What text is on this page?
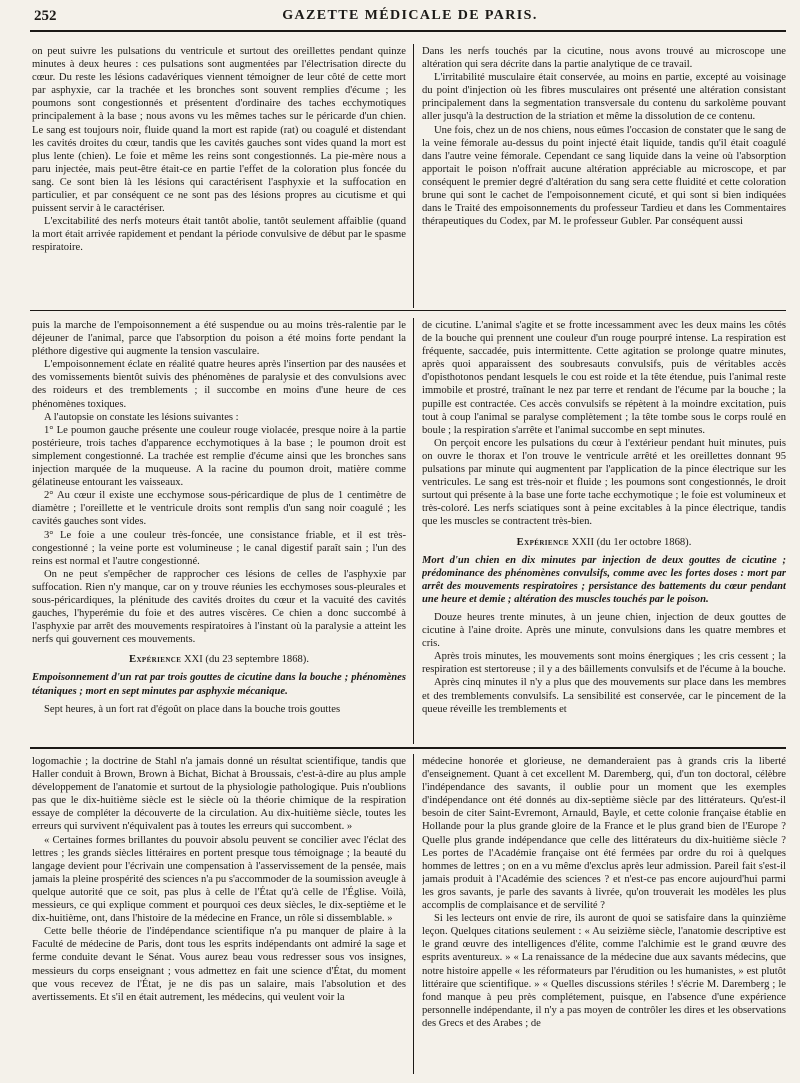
252	GAZETTE MÉDICALE DE PARIS.

on peut suivre les pulsations du ventricule et surtout des oreillettes pendant quinze minutes à deux heures : ces pulsations sont augmentées par l'électrisation directe du cœur. Du reste les lésions cadavériques viennent témoigner de leur côté de cette mort par asphyxie, car la trachée et les bronches sont souvent remplies d'écume ; les poumons sont congestionnés et présentent d'ordinaire des taches ecchymotiques principalement à la base ; nous avons vu les mêmes taches sur le péricarde d'un chien. Le sang est toujours noir, fluide quand la mort est rapide (rat) ou coagulé et distendant les cavités droites du cœur, tandis que les cavités gauches sont vides quand la mort est plus lente (chien). Le foie et même les reins sont congestionnés. La pie-mère nous a paru injectée, mais peut-être était-ce en partie l'effet de la coloration plus foncée du sang. Ce sont bien là les lésions qui caractérisent l'asphyxie et la suffocation en particulier, et par conséquent ce ne sont pas des lésions propres au cicutisme et qui puissent servir à le caractériser.

L'excitabilité des nerfs moteurs était tantôt abolie, tantôt seulement affaiblie (quand la mort était arrivée rapidement et pendant la période convulsive de début par le spasme respiratoire.

Dans les nerfs touchés par la cicutine, nous avons trouvé au microscope une altération qui sera décrite dans la partie analytique de ce travail.

L'irritabilité musculaire était conservée, au moins en partie, excepté au voisinage du point d'injection où les fibres musculaires ont présenté une altération consistant principalement dans la segmentation transversale du contenu du sarkolème pouvant aller jusqu'à la destruction de la striation et même la dissolution de ce contenu.

Une fois, chez un de nos chiens, nous eûmes l'occasion de constater que le sang de la veine fémorale au-dessus du point injecté était liquide, tandis qu'il était coagulé dans l'autre veine fémorale. Cependant ce sang liquide dans la veine où l'absorption apportait le poison n'offrait aucune altération appréciable au microscope, et par conséquent le premier degré d'altération du sang sera cette fluidité et cette coloration brune qui sont le cachet de l'empoisonnement cicuté, et qui sont si bien indiquées dans le Traité des empoisonnements du professeur Tardieu et dans les Commentaires thérapeutiques du Codex, par M. le professeur Gubler. Par conséquent aussi

puis la marche de l'empoisonnement a été suspendue ou au moins très-ralentie par le déjeuner de l'animal, parce que l'absorption du poison a été moins forte pendant la pléthore digestive qui augmente la tension vasculaire.

L'empoisonnement éclate en réalité quatre heures après l'insertion par des nausées et des vomissements bientôt suivis des phénomènes de paralysie et des convulsions avec des roideurs et des tremblements ; il succombe en moins d'une heure de ces phénomènes toxiques.

A l'autopsie on constate les lésions suivantes :

1° Le poumon gauche présente une couleur rouge violacée, presque noire à la partie postérieure, trois taches d'apparence ecchymotiques à la base ; le poumon droit est simplement congestionné. La trachée est remplie d'écume ainsi que les bronches sans injection marquée de la muqueuse. A la racine du poumon droit, matière comme gélatineuse entourant les vaisseaux.

2° Au cœur il existe une ecchymose sous-péricardique de plus de 1 centimètre de diamètre ; l'oreillette et le ventricule droits sont remplis d'un sang noir coagulé ; les cavités gauches sont vides.

3° Le foie a une couleur très-foncée, une consistance friable, et il est très-congestionné ; la veine porte est volumineuse ; le canal digestif paraît sain ; l'un des reins est normal et l'autre congestionné.

On ne peut s'empêcher de rapprocher ces lésions de celles de l'asphyxie par suffocation. Rien n'y manque, car on y trouve réunies les ecchymoses sous-pleurales et sous-péricardiques, la plénitude des cavités droites du cœur et la vacuité des cavités gauches, l'hyperémie du foie et des autres viscères. Ce chien a donc succombé à l'asphyxie par arrêt des mouvements respiratoires à l'instant où la paralysie a atteint les nerfs qui gouvernent ces mouvements.

Expérience XXI (du 23 septembre 1868).

Empoisonnement d'un rat par trois gouttes de cicutine dans la bouche ; phénomènes tétaniques ; mort en sept minutes par asphyxie mécanique.

Sept heures, à un fort rat d'égoût on place dans la bouche trois gouttes

de cicutine. L'animal s'agite et se frotte incessamment avec les deux mains les côtés de la bouche qui prennent une couleur d'un rouge pourpré intense. La respiration est fréquente, saccadée, puis intermittente. Cette agitation se prolonge quatre minutes, après quoi apparaissent des soubresauts convulsifs, puis de véritables accès d'opisthotonos pendant lesquels le cou est roide et la tête étendue, puis l'animal reste immobile et prostré, traînant le nez par terre et rendant de l'écume par la bouche ; la pupille est contractée. Ces accès convulsifs se répètent à la moindre excitation, puis tout à coup l'animal se paralyse complètement ; la tête tombe sous le corps roulé en boule ; la respiration s'arrête et l'animal succombe en sept minutes.

On perçoit encore les pulsations du cœur à l'extérieur pendant huit minutes, puis on ouvre le thorax et l'on trouve le ventricule arrêté et les oreillettes donnant 95 pulsations par minute qui augmentent par l'application de la pince électrique sur les ventricules. Le sang est très-noir et fluide ; les poumons sont congestionnés, le droit surtout qui présente à la base une forte tache ecchymotique ; le foie est volumineux et très-coloré. Les nerfs sciatiques sont à peine excitables à la pince électrique, tandis que les muscles se contractent très-bien.

Expérience XXII (du 1er octobre 1868).

Mort d'un chien en dix minutes par injection de deux gouttes de cicutine ; prédominance des phénomènes convulsifs, comme avec les fortes doses : mort par arrêt des mouvements respiratoires ; persistance des battements du cœur pendant une heure et demie ; altération des muscles touchés par le poison.

Douze heures trente minutes, à un jeune chien, injection de deux gouttes de cicutine à l'aine droite. Après une minute, convulsions dans les quatre membres et cris.

Après trois minutes, les mouvements sont moins énergiques ; les cris cessent ; la respiration est stertoreuse ; il y a des bâillements convulsifs et de l'écume à la bouche.

Après cinq minutes il n'y a plus que des mouvements sur place dans les membres et des tremblements convulsifs. La sensibilité est conservée, car le pincement de la queue réveille les tremblements et

logomachie ; la doctrine de Stahl n'a jamais donné un résultat scientifique, tandis que Haller conduit à Brown, Brown à Bichat, Bichat à Broussais, c'est-à-dire au plus ample développement de l'anatomie et surtout de la physiologie pathologique. Puis n'oublions pas que le dix-huitième siècle est le siècle où la théorie chimique de la respiration essaye de compléter la découverte de la circulation. Au dix-huitième siècle, toutes les erreurs qui survivent n'équivalent pas à toutes les erreurs qui succombent. »

« Certaines formes brillantes du pouvoir absolu peuvent se concilier avec l'éclat des lettres ; les grands siècles littéraires en portent presque tous témoignage ; la beauté du langage devient pour l'écrivain une compensation à l'asservissement de la pensée, mais jamais la pleine prospérité des sciences n'a pu s'accommoder de la soumission aveugle à quelque autorité que ce soit, pas plus à celle de l'État qu'à celle de l'Église. Voilà, messieurs, ce qui explique comment et pourquoi ces deux siècles, le dix-septième et le dix-huitième, ont, dans l'histoire de la médecine en France, un rôle si dissemblable. »

Cette belle théorie de l'indépendance scientifique n'a pu manquer de plaire à la Faculté de médecine de Paris, dont tous les esprits indépendants ont admiré la sage et ferme conduite devant le Sénat. Vous aurez beau vous redresser sous vos insignes, messieurs du corps enseignant ; vous admettez en fait une science d'État, du moment que vous recevez de l'État, je ne dis pas un salaire, mais l'absolution et des avertissements. Et s'il en était autrement, les médecins, qui veulent voir la

médecine honorée et glorieuse, ne demanderaient pas à grands cris la liberté d'enseignement. Quant à cet excellent M. Daremberg, qui, d'un ton doctoral, célèbre l'indépendance des savants, il oublie pour un moment que les exemples d'indépendance ont été donnés au dix-septième siècle par des littérateurs. Qu'est-il besoin de citer Saint-Evremont, Arnauld, Bayle, et cette colonie française établie en Hollande pour la plus grande gloire de la France et le plus grand bien de l'Europe ? Quelle plus grande indépendance que celle des littérateurs du dix-huitième siècle ? Les portes de l'Académie française ont été fermées par ordre du roi à quelques hommes de lettres ; on en a vu même d'exclus après leur admission. Pareil fait s'est-il jamais produit à l'Académie des sciences ? et n'est-ce pas encore aujourd'hui parmi les gros savants, je parle des savants à livrée, qu'on trouverait les modèles les plus accomplis de complaisance et de servilité ?

Si les lecteurs ont envie de rire, ils auront de quoi se satisfaire dans la quinzième leçon. Quelques citations seulement : « Au seizième siècle, l'anatomie descriptive est le grand œuvre des intelligences d'élite, comme l'alchimie est le grand œuvre des esprits aventureux. » « La renaissance de la médecine due aux savants médecins, que notre histoire appelle « les réformateurs par l'érudition ou les humanistes, » est plutôt littéraire que scientifique. » « Quelles discussions stériles ! s'écrie M. Daremberg ; le fond manque à peu près complétement, puisque, en l'absence d'une expérience personnelle indépendante, il n'y a pas moyen de contrôler les dires et les observations des Grecs et des Arabes ; de
